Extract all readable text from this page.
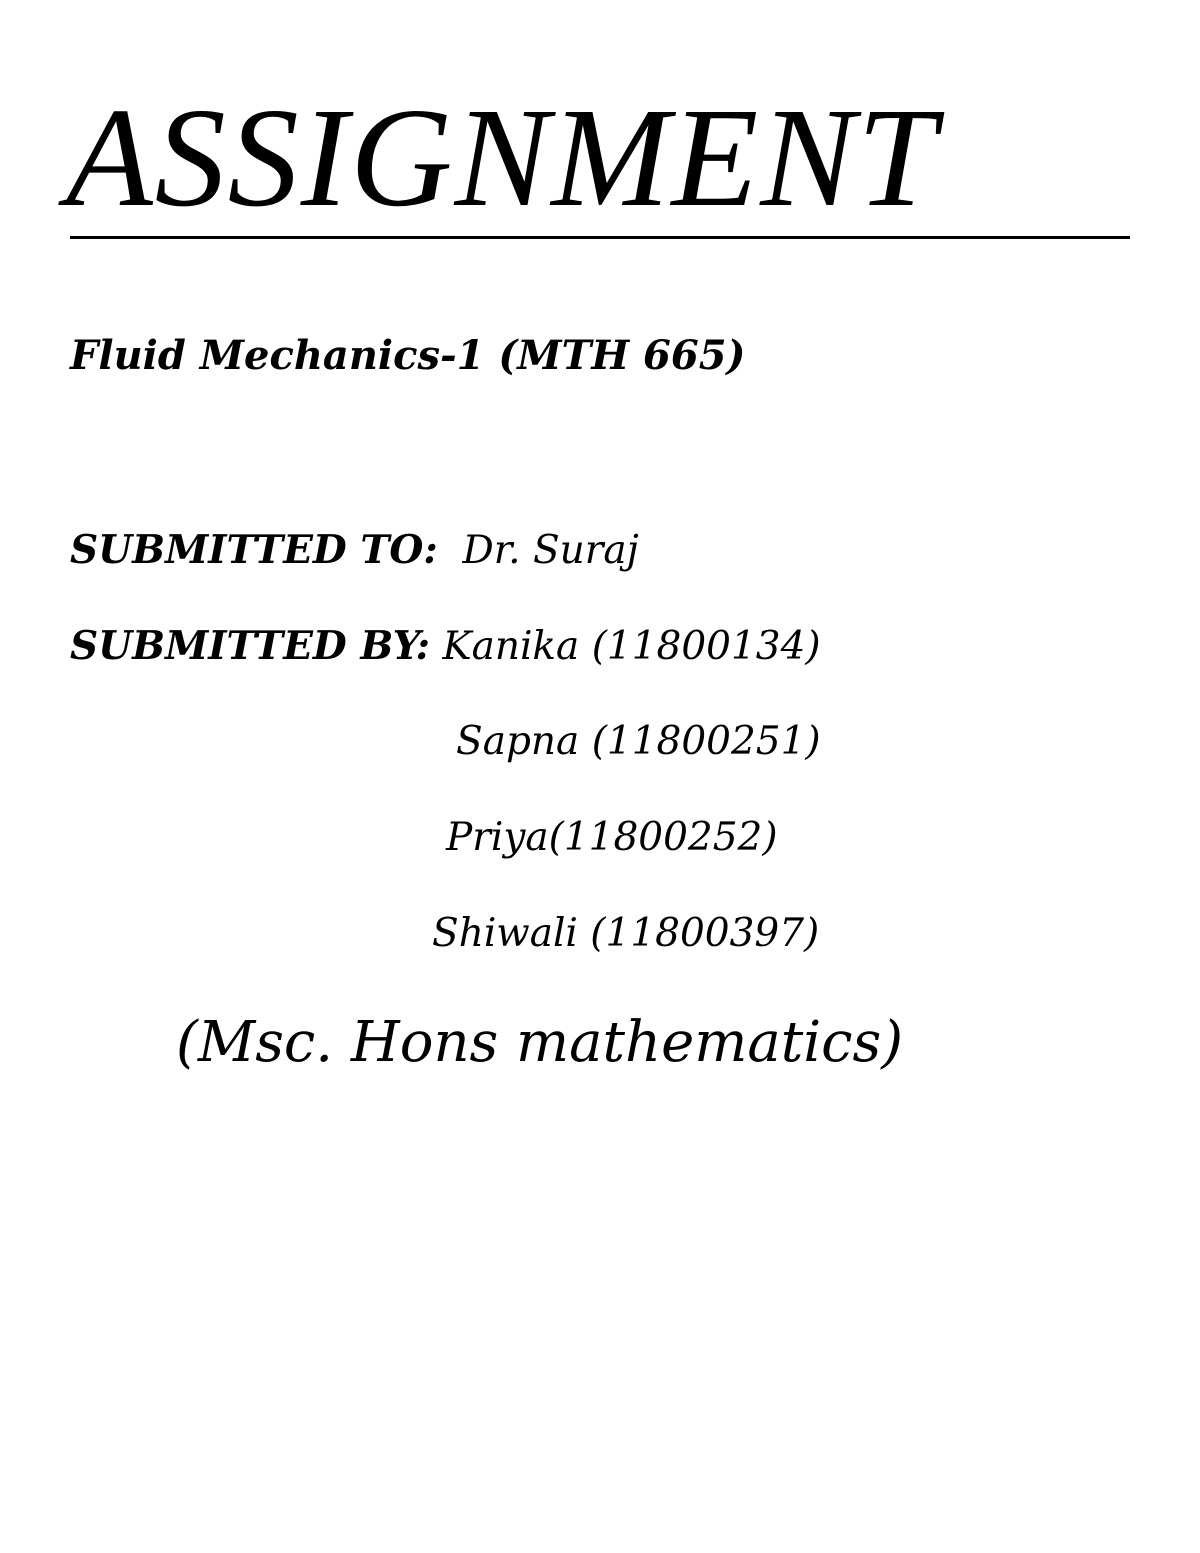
ASSIGNMENT
Fluid Mechanics-1 (MTH 665)
SUBMITTED TO: Dr. Suraj
SUBMITTED BY: Kanika (11800134)
Sapna (11800251)
Priya(11800252)
Shiwali (11800397)
(Msc. Hons mathematics)
